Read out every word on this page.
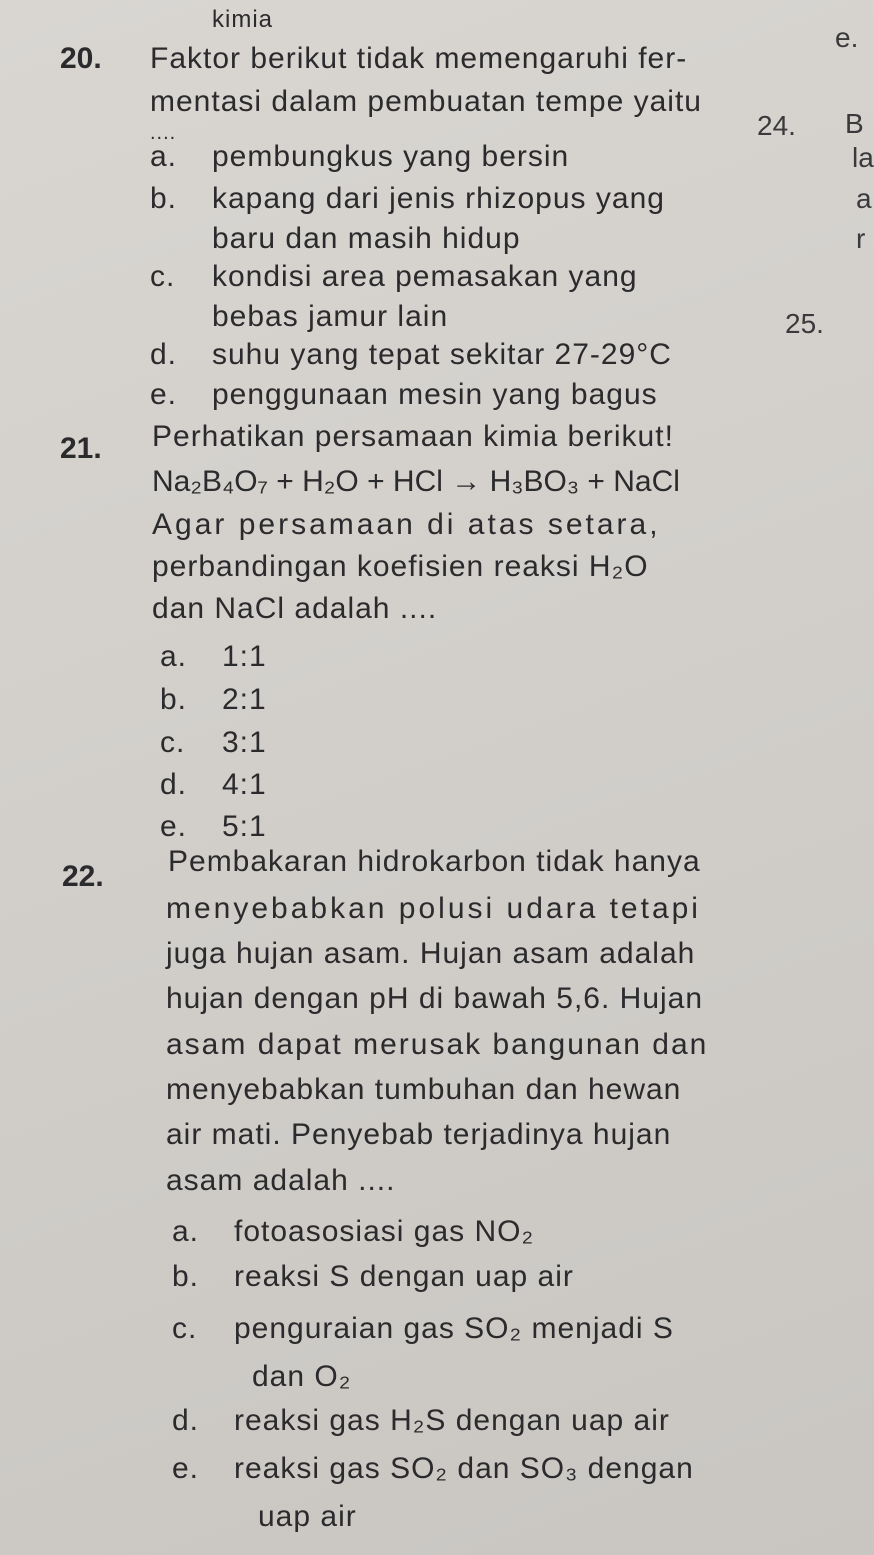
kimia
e.
24. B
la
a
r
25.
20. Faktor berikut tidak memengaruhi fer-
mentasi dalam pembuatan tempe yaitu
....
a. pembungkus yang bersin
b. kapang dari jenis rhizopus yang
baru dan masih hidup
c. kondisi area pemasakan yang
bebas jamur lain
d. suhu yang tepat sekitar 27-29°C
e. penggunaan mesin yang bagus
21. Perhatikan persamaan kimia berikut!
Na₂B₄O₇ + H₂O + HCl → H₃BO₃ + NaCl
Agar persamaan di atas setara,
perbandingan koefisien reaksi H₂O
dan NaCl adalah ....
a. 1:1
b. 2:1
c. 3:1
d. 4:1
e. 5:1
22. Pembakaran hidrokarbon tidak hanya
menyebabkan polusi udara tetapi
juga hujan asam. Hujan asam adalah
hujan dengan pH di bawah 5,6. Hujan
asam dapat merusak bangunan dan
menyebabkan tumbuhan dan hewan
air mati. Penyebab terjadinya hujan
asam adalah ....
a. fotoasosiasi gas NO₂
b. reaksi S dengan uap air
c. penguraian gas SO₂ menjadi S
dan O₂
d. reaksi gas H₂S dengan uap air
e. reaksi gas SO₂ dan SO₃ dengan
uap air
